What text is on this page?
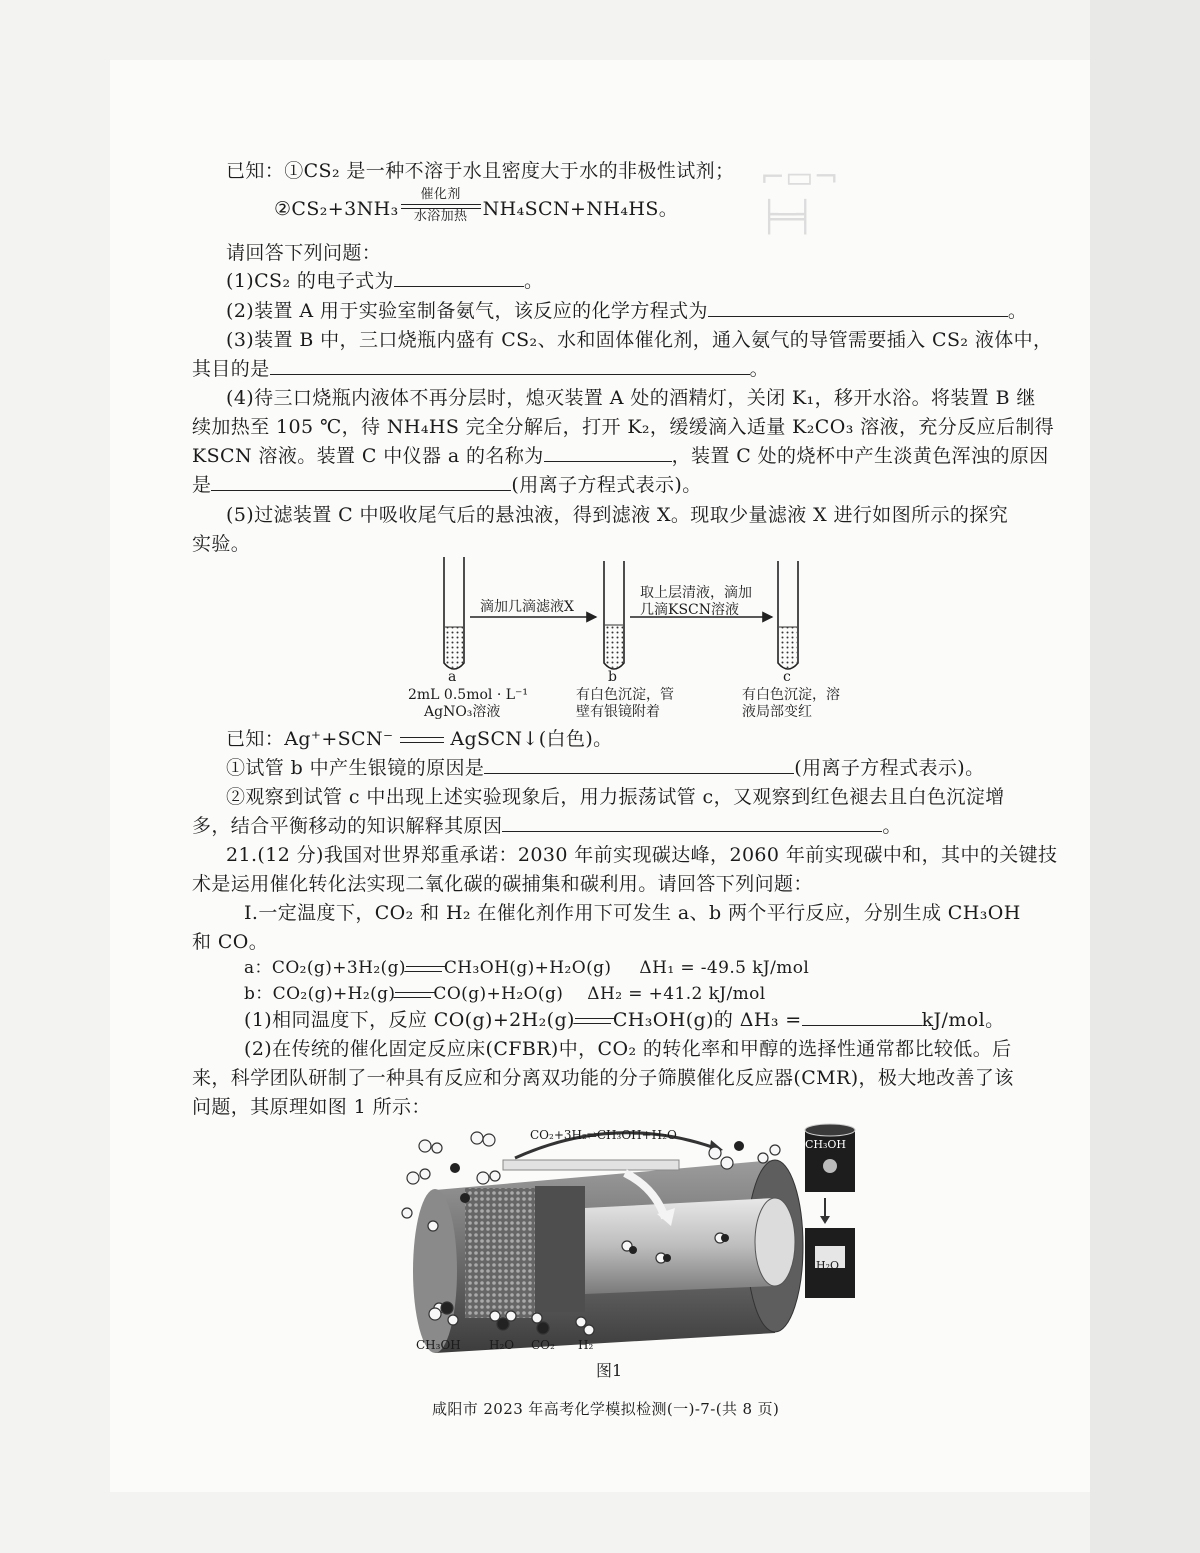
⌐▭¬
╞═╡
已知：①CS₂ 是一种不溶于水且密度大于水的非极性试剂；
②CS₂+3NH₃
催化剂
水浴加热 NH₄SCN+NH₄HS。
请回答下列问题：
(1)CS₂ 的电子式为	。
(2)装置 A 用于实验室制备氨气，该反应的化学方程式为	。
(3)装置 B 中，三口烧瓶内盛有 CS₂、水和固体催化剂，通入氨气的导管需要插入 CS₂ 液体中，
其目的是	。
(4)待三口烧瓶内液体不再分层时，熄灭装置 A 处的酒精灯，关闭 K₁，移开水浴。将装置 B 继
续加热至 105 ℃，待 NH₄HS 完全分解后，打开 K₂，缓缓滴入适量 K₂CO₃ 溶液，充分反应后制得
KSCN 溶液。装置 C 中仪器 a 的名称为	，装置 C 处的烧杯中产生淡黄色浑浊的原因
是	(用离子方程式表示)。
(5)过滤装置 C 中吸收尾气后的悬浊液，得到滤液 X。现取少量滤液 X 进行如图所示的探究
实验。
滴加几滴滤液X
取上层清液，滴加
几滴KSCN溶液
a
2mL 0.5mol · L⁻¹
AgNO₃溶液
b
有白色沉淀，管
壁有银镜附着
c
有白色沉淀，溶
液局部变红
已知：Ag⁺+SCN⁻	AgSCN↓(白色)。
①试管 b 中产生银镜的原因是	(用离子方程式表示)。
②观察到试管 c 中出现上述实验现象后，用力振荡试管 c，又观察到红色褪去且白色沉淀增
多，结合平衡移动的知识解释其原因	。
21.(12 分)我国对世界郑重承诺：2030 年前实现碳达峰，2060 年前实现碳中和，其中的关键技
术是运用催化转化法实现二氧化碳的碳捕集和碳利用。请回答下列问题：
Ⅰ.一定温度下，CO₂ 和 H₂ 在催化剂作用下可发生 a、b 两个平行反应，分别生成 CH₃OH
和 CO。
a：CO₂(g)+3H₂(g) CH₃OH(g)+H₂O(g) ΔH₁ = -49.5 kJ/mol
b：CO₂(g)+H₂(g) CO(g)+H₂O(g) ΔH₂ = +41.2 kJ/mol
(1)相同温度下，反应 CO(g)+2H₂(g) CH₃OH(g)的 ΔH₃ =	kJ/mol。
(2)在传统的催化固定反应床(CFBR)中，CO₂ 的转化率和甲醇的选择性通常都比较低。后
来，科学团队研制了一种具有反应和分离双功能的分子筛膜催化反应器(CMR)，极大地改善了该
问题，其原理如图 1 所示：
CO₂+3H₂⇌CH₃OH+H₂O
CH₃OH
H₂O
CH₃OH H₂O CO₂ H₂
图1
咸阳市 2023 年高考化学模拟检测(一)-7-(共 8 页)
